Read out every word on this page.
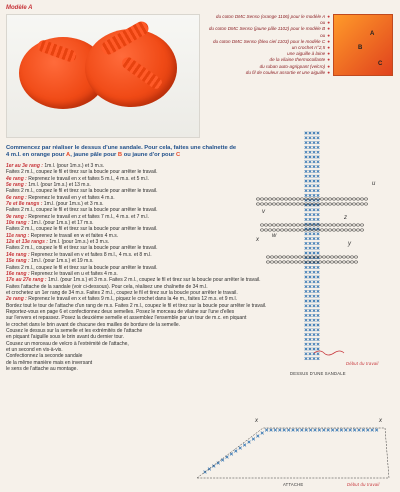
Modèle A
du coton DMC Senso (orange 1106) pour le modèle A ●
ou ●
du coton DMC Senso (jaune pâle 1102) pour le modèle B ●
ou ●
du coton DMC Senso (bleu ciel 1103) pour le modèle C ●
un crochet n°2,5 ●
une aiguille à laine ●
de la vilaine thermocollante ●
du ruban auto-agrippant (velcro) ●
du fil de couleur assortie et une aiguille ●
A
B
C
Commencez par réaliser le dessus d'une sandale. Pour cela, faites une chaînette de 4 m.l. en orange pour A, jaune pâle pour B ou jaune d'or pour C
1er au 3e rang : 1m.l. (pour 1m.s.) et 3 m.s.
Faites 2 m.l., coupez le fil et tirez sur la boucle pour arrêter le travail.
4e rang : Reprenez le travail en x et faites 5 m.l., 4 m.s. et 5 m.l.
5e rang : 1m.l. (pour 1m.s.) et 13 m.s.
Faites 2 m.l., coupez le fil et tirez sur la boucle pour arrêter le travail.
6e rang : Reprenez le travail en y et faites 4 m.s.
7e et 8e rangs : 1m.l. (pour 1m.s.) et 3 m.s.
Faites 2 m.l., coupez le fil et tirez sur la boucle pour arrêter le travail.
9e rang : Reprenez le travail en z et faites 7 m.l., 4 m.s. et 7 m.l.
10e rang : 1m.l. (pour 1m.s.) et 17 m.s.
Faites 2 m.l., coupez le fil et tirez sur la boucle pour arrêter le travail.
11e rang : Reprenez le travail en w et faites 4 m.s.
12e et 13e rangs : 1m.l. (pour 1m.s.) et 3 m.s.
Faites 2 m.l., coupez le fil et tirez sur la boucle pour arrêter le travail.
14e rang : Reprenez le travail en v et faites 8 m.l., 4 m.s. et 8 m.l.
15e rang : 1m.l. (pour 1m.s.) et 19 m.s.
Faites 2 m.l., coupez le fil et tirez sur la boucle pour arrêter le travail.
16e rang : Reprenez le travail en u et faites 4 m.s.
17e au 27e rang : 1m.l. (pour 1m.s.) et 3 m.s. Faites 2 m.l., coupez le fil et tirez sur la boucle pour arrêter le travail.
Faites l'attache de la sandale (voir ci-dessous). Pour cela, réalisez une chaînette de 34 m.l.
et crochetez un 1er rang de 34 m.s. Faites 2 m.l., coupez le fil et tirez sur la boucle pour arrêter le travail.
2e rang : Reprenez le travail en x et faites 9 m.l., piquez le crochet dans la 4e m., faites 12 m.s. et 9 m.l.
Bordez tout le tour de l'attache d'un rang de m.s. Faites 2 m.l., coupez le fil et tirez sur la boucle pour arrêter le travail.
Reportez-vous en page 6 et confectionnez deux semelles. Posez le morceau de vilaine sur l'une d'elles
sur l'envers et repassez. Posez la deuxième semelle et assemblez l'ensemble par un tour de m.c. en piquant
le crochet dans le brin avant de chacune des mailles de bordure de la semelle.
Cousez le dessus sur la semelle et les extrémités de l'attache
en piquant l'aiguille sous le brin avant du dernier tour.
Cousez un morceau de velcro à l'extrémité de l'attache,
et un second en vis-à-vis.
Confectionnez la seconde sandale
de la même manière mais en inversant
le sens de l'attache au montage.
u
v
w
x
y
z
DESSUS D'UNE SANDALE
Début du travail
x	x
ATTACHE	Début du travail
